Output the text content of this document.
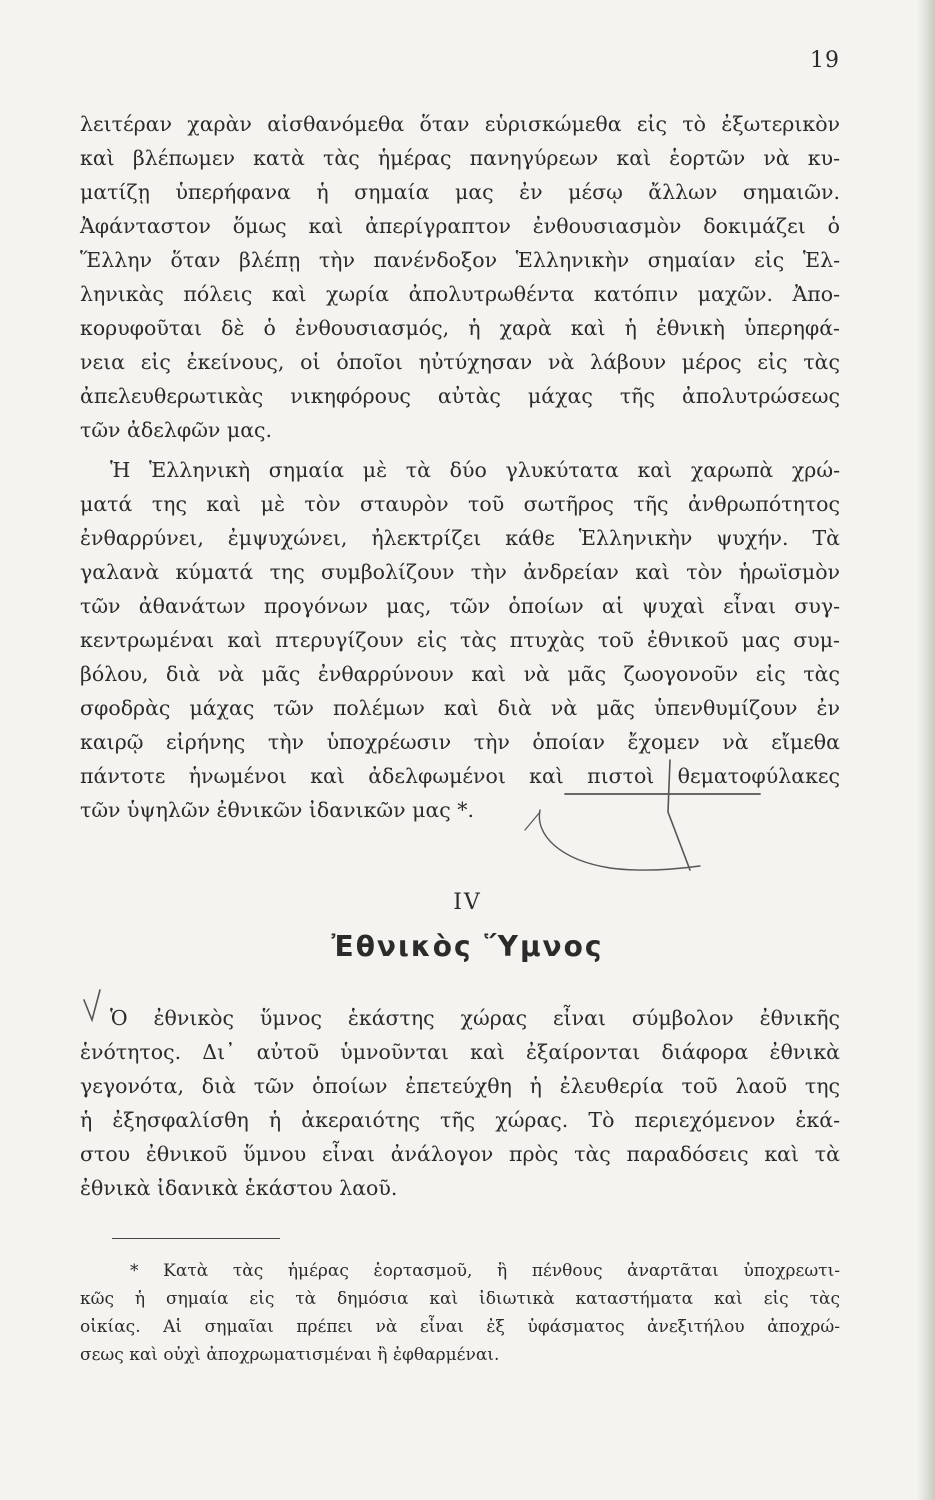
19
λειτέραν χαρὰν αἰσθανόμεθα ὅταν εὑρισκώμεθα εἰς τὸ ἐξωτερικὸν
καὶ βλέπωμεν κατὰ τὰς ἡμέρας πανηγύρεων καὶ ἑορτῶν νὰ κυ-
ματίζῃ ὑπερήφανα ἡ σημαία μας ἐν μέσῳ ἄλλων σημαιῶν.
Ἀφάνταστον ὅμως καὶ ἀπερίγραπτον ἐνθουσιασμὸν δοκιμάζει ὁ
Ἕλλην ὅταν βλέπῃ τὴν πανένδοξον Ἑλληνικὴν σημαίαν εἰς Ἑλ-
ληνικὰς πόλεις καὶ χωρία ἀπολυτρωθέντα κατόπιν μαχῶν. Ἀπο-
κορυφοῦται δὲ ὁ ἐνθουσιασμός, ἡ χαρὰ καὶ ἡ ἐθνικὴ ὑπερηφά-
νεια εἰς ἐκείνους, οἱ ὁποῖοι ηὐτύχησαν νὰ λάβουν μέρος εἰς τὰς
ἀπελευθερωτικὰς νικηφόρους αὐτὰς μάχας τῆς ἀπολυτρώσεως
τῶν ἀδελφῶν μας.
Ἡ Ἑλληνικὴ σημαία μὲ τὰ δύο γλυκύτατα καὶ χαρωπὰ χρώ-
ματά της καὶ μὲ τὸν σταυρὸν τοῦ σωτῆρος τῆς ἀνθρωπότητος
ἐνθαρρύνει, ἐμψυχώνει, ἠλεκτρίζει κάθε Ἑλληνικὴν ψυχήν. Τὰ
γαλανὰ κύματά της συμβολίζουν τὴν ἀνδρείαν καὶ τὸν ἡρωϊσμὸν
τῶν ἀθανάτων προγόνων μας, τῶν ὁποίων αἱ ψυχαὶ εἶναι συγ-
κεντρωμέναι καὶ πτερυγίζουν εἰς τὰς πτυχὰς τοῦ ἐθνικοῦ μας συμ-
βόλου, διὰ νὰ μᾶς ἐνθαρρύνουν καὶ νὰ μᾶς ζωογονοῦν εἰς τὰς
σφοδρὰς μάχας τῶν πολέμων καὶ διὰ νὰ μᾶς ὑπενθυμίζουν ἐν
καιρῷ εἰρήνης τὴν ὑποχρέωσιν τὴν ὁποίαν ἔχομεν νὰ εἴμεθα
πάντοτε ἡνωμένοι καὶ ἀδελφωμένοι καὶ πιστοὶ θεματοφύλακες
τῶν ὑψηλῶν ἐθνικῶν ἰδανικῶν μας *.
IV
Ἐθνικὸς Ὕμνος
Ὁ ἐθνικὸς ὕμνος ἑκάστης χώρας εἶναι σύμβολον ἐθνικῆς
ἑνότητος. Δι᾽ αὐτοῦ ὑμνοῦνται καὶ ἐξαίρονται διάφορα ἐθνικὰ
γεγονότα, διὰ τῶν ὁποίων ἐπετεύχθη ἡ ἐλευθερία τοῦ λαοῦ της
ἡ ἐξησφαλίσθη ἡ ἀκεραιότης τῆς χώρας. Τὸ περιεχόμενον ἑκά-
στου ἐθνικοῦ ὕμνου εἶναι ἀνάλογον πρὸς τὰς παραδόσεις καὶ τὰ
ἐθνικὰ ἰδανικὰ ἑκάστου λαοῦ.
* Κατὰ τὰς ἡμέρας ἑορτασμοῦ, ἢ πένθους ἀναρτᾶται ὑποχρεωτι-
κῶς ἡ σημαία εἰς τὰ δημόσια καὶ ἰδιωτικὰ καταστήματα καὶ εἰς τὰς
οἰκίας. Αἱ σημαῖαι πρέπει νὰ εἶναι ἐξ ὑφάσματος ἀνεξιτήλου ἀποχρώ-
σεως καὶ οὐχὶ ἀποχρωματισμέναι ἢ ἐφθαρμέναι.
